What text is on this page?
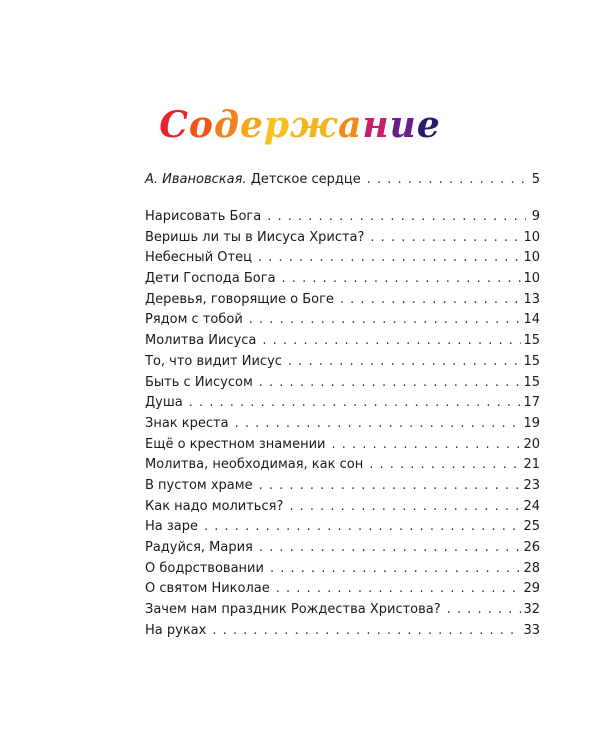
Содержание
А. Ивановская. Детское сердце . . .	5
Нарисовать Бога . . .	9
Веришь ли ты в Иисуса Христа? . . .	10
Небесный Отец . . .	10
Дети Господа Бога . . .	10
Деревья, говорящие о Боге . . .	13
Рядом с тобой . . .	14
Молитва Иисуса . . .	15
То, что видит Иисус . . .	15
Быть с Иисусом . . .	15
Душа . . .	17
Знак креста . . .	19
Ещё о крестном знамении . . .	20
Молитва, необходимая, как сон . . .	21
В пустом храме . . .	23
Как надо молиться? . . .	24
На заре . . .	25
Радуйся, Мария . . .	26
О бодрствовании . . .	28
О святом Николае . . .	29
Зачем нам праздник Рождества Христова? . . .	32
На руках . . .	33
